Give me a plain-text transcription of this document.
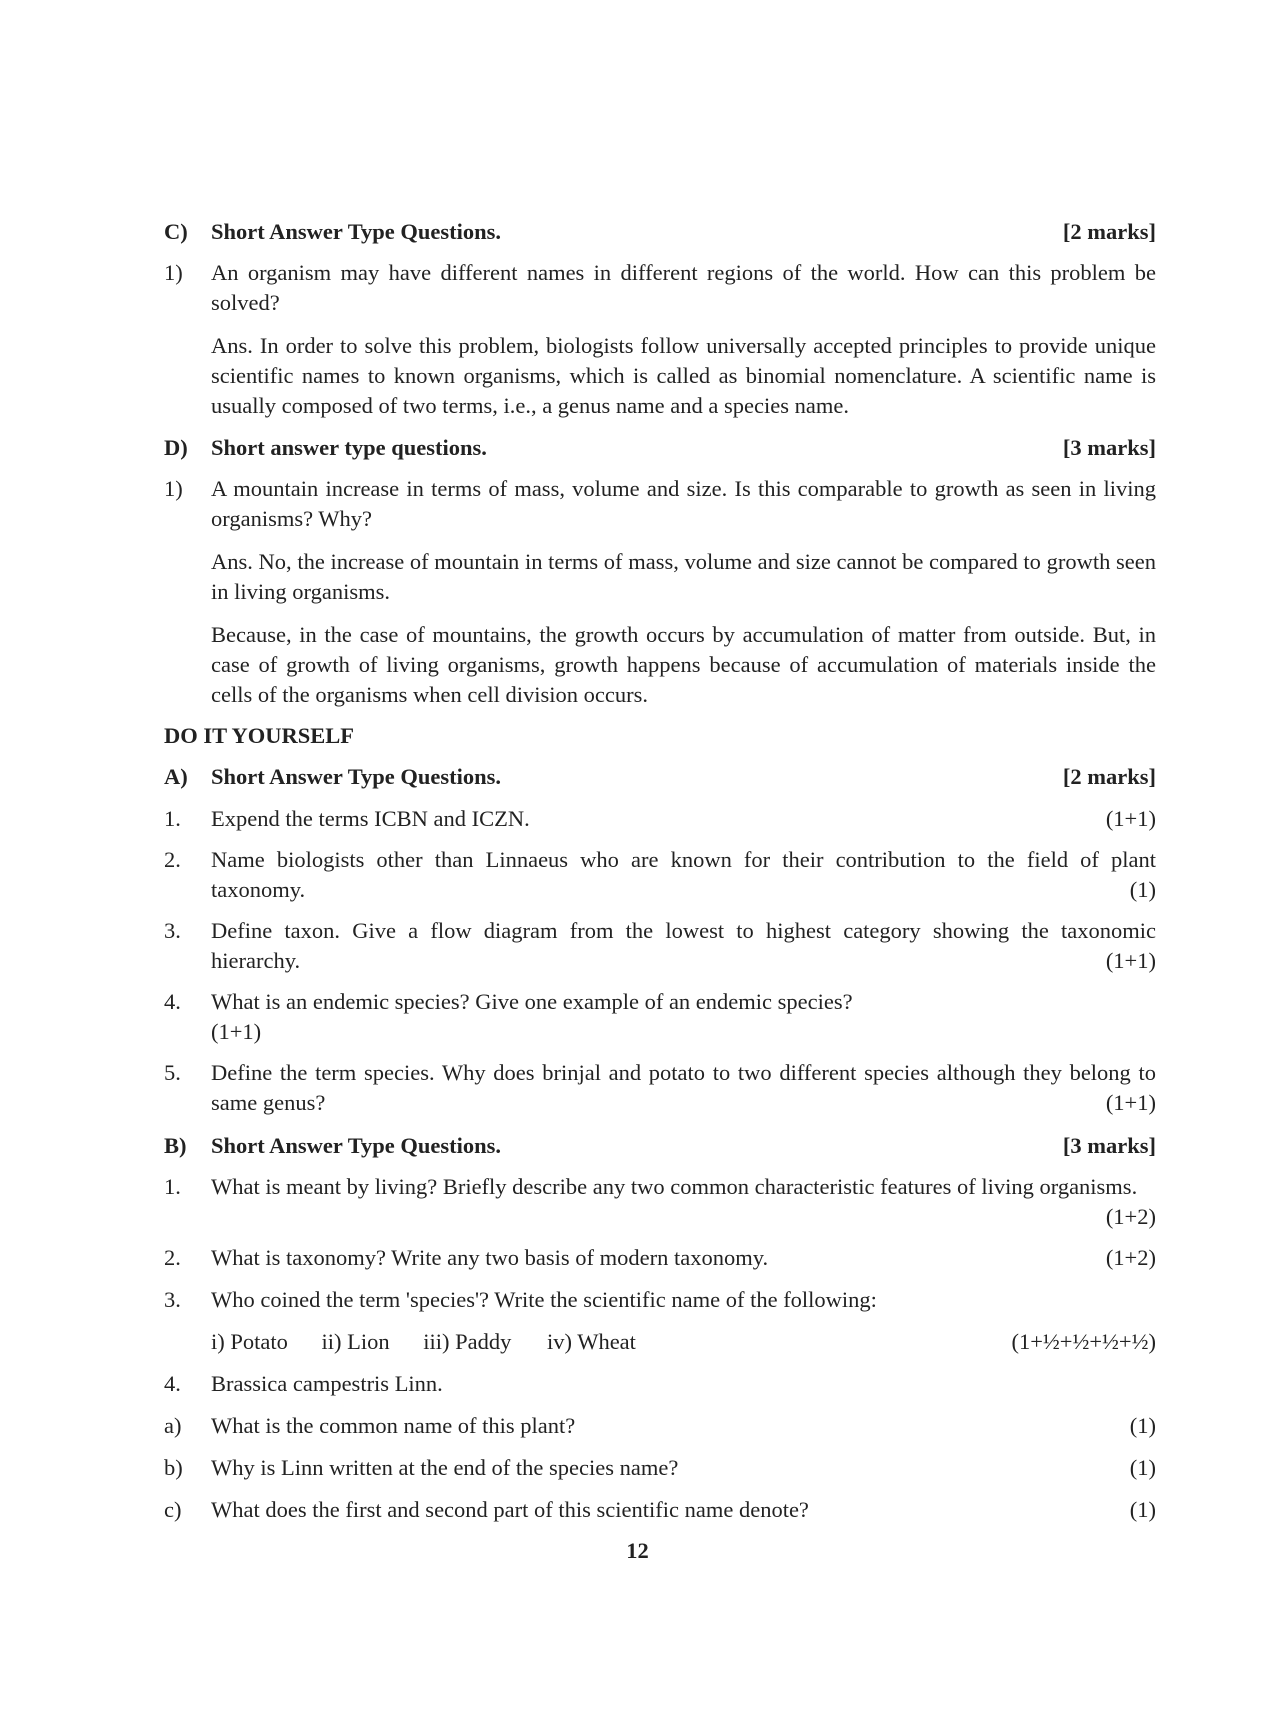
C) Short Answer Type Questions.	[2 marks]
1) An organism may have different names in different regions of the world. How can this problem be solved?
Ans. In order to solve this problem, biologists follow universally accepted principles to provide unique scientific names to known organisms, which is called as binomial nomenclature. A scientific name is usually composed of two terms, i.e., a genus name and a species name.
D) Short answer type questions.	[3 marks]
1) A mountain increase in terms of mass, volume and size. Is this comparable to growth as seen in living organisms? Why?
Ans. No, the increase of mountain in terms of mass, volume and size cannot be compared to growth seen in living organisms.
Because, in the case of mountains, the growth occurs by accumulation of matter from outside. But, in case of growth of living organisms, growth happens because of accumulation of materials inside the cells of the organisms when cell division occurs.
DO IT YOURSELF
A) Short Answer Type Questions.	[2 marks]
1. Expend the terms ICBN and ICZN.	(1+1)
2. Name biologists other than Linnaeus who are known for their contribution to the field of plant taxonomy.	(1)
3. Define taxon. Give a flow diagram from the lowest to highest category showing the taxonomic hierarchy.	(1+1)
4. What is an endemic species? Give one example of an endemic species?
(1+1)
5. Define the term species. Why does brinjal and potato to two different species although they belong to same genus?	(1+1)
B) Short Answer Type Questions.	[3 marks]
1. What is meant by living? Briefly describe any two common characteristic features of living organisms.
(1+2)
2. What is taxonomy? Write any two basis of modern taxonomy.	(1+2)
3. Who coined the term 'species'? Write the scientific name of the following:
i) Potato ii) Lion iii) Paddy iv) Wheat	(1+½+½+½+½)
4. Brassica campestris Linn.
a) What is the common name of this plant?	(1)
b) Why is Linn written at the end of the species name?	(1)
c) What does the first and second part of this scientific name denote?	(1)
12
